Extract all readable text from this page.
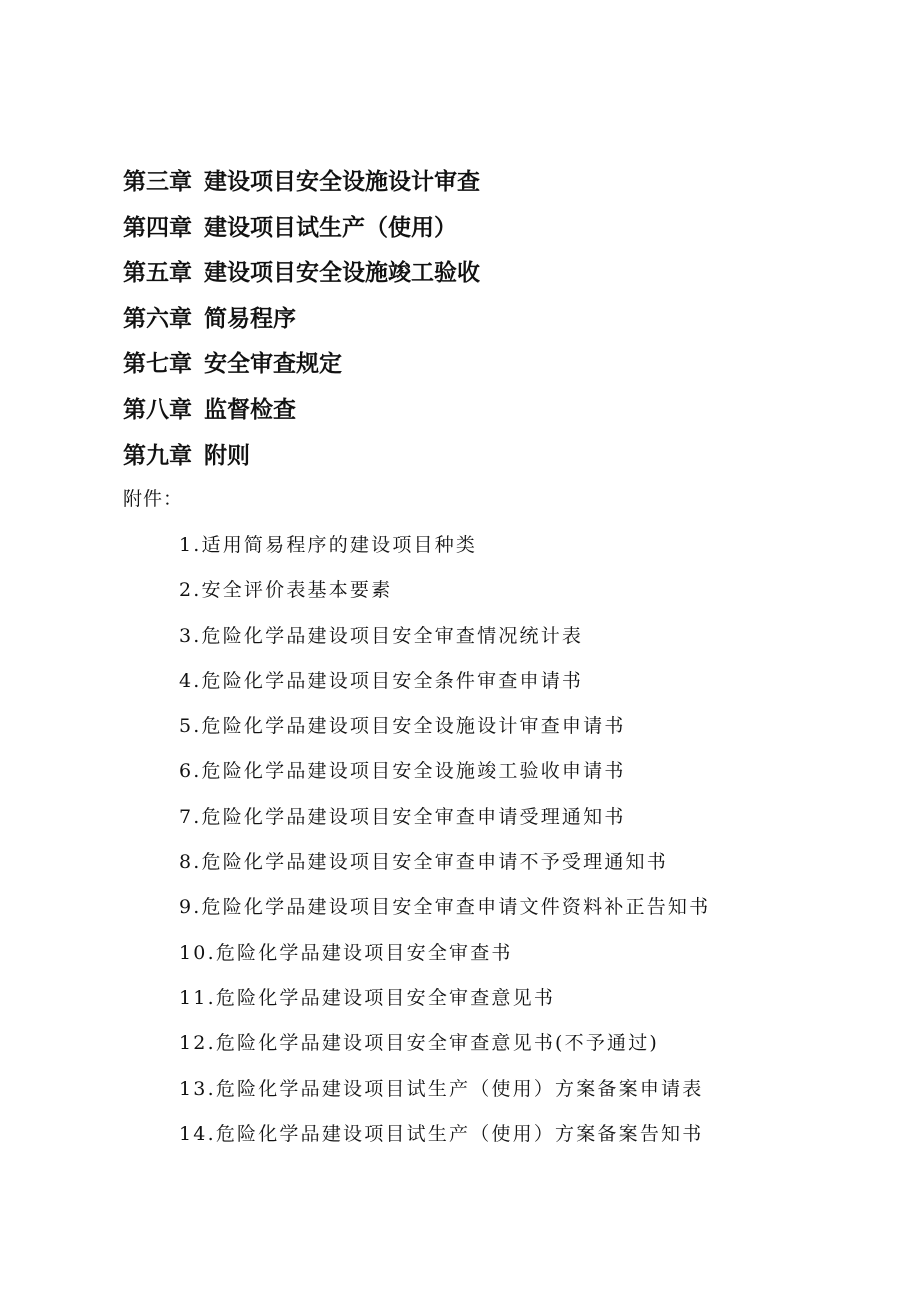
第三章 建设项目安全设施设计审查
第四章 建设项目试生产（使用）
第五章 建设项目安全设施竣工验收
第六章 简易程序
第七章 安全审查规定
第八章 监督检查
第九章 附则
附件：
1.适用简易程序的建设项目种类
2.安全评价表基本要素
3.危险化学品建设项目安全审查情况统计表
4.危险化学品建设项目安全条件审查申请书
5.危险化学品建设项目安全设施设计审查申请书
6.危险化学品建设项目安全设施竣工验收申请书
7.危险化学品建设项目安全审查申请受理通知书
8.危险化学品建设项目安全审查申请不予受理通知书
9.危险化学品建设项目安全审查申请文件资料补正告知书
10.危险化学品建设项目安全审查书
11.危险化学品建设项目安全审查意见书
12.危险化学品建设项目安全审查意见书(不予通过)
13.危险化学品建设项目试生产（使用）方案备案申请表
14.危险化学品建设项目试生产（使用）方案备案告知书
